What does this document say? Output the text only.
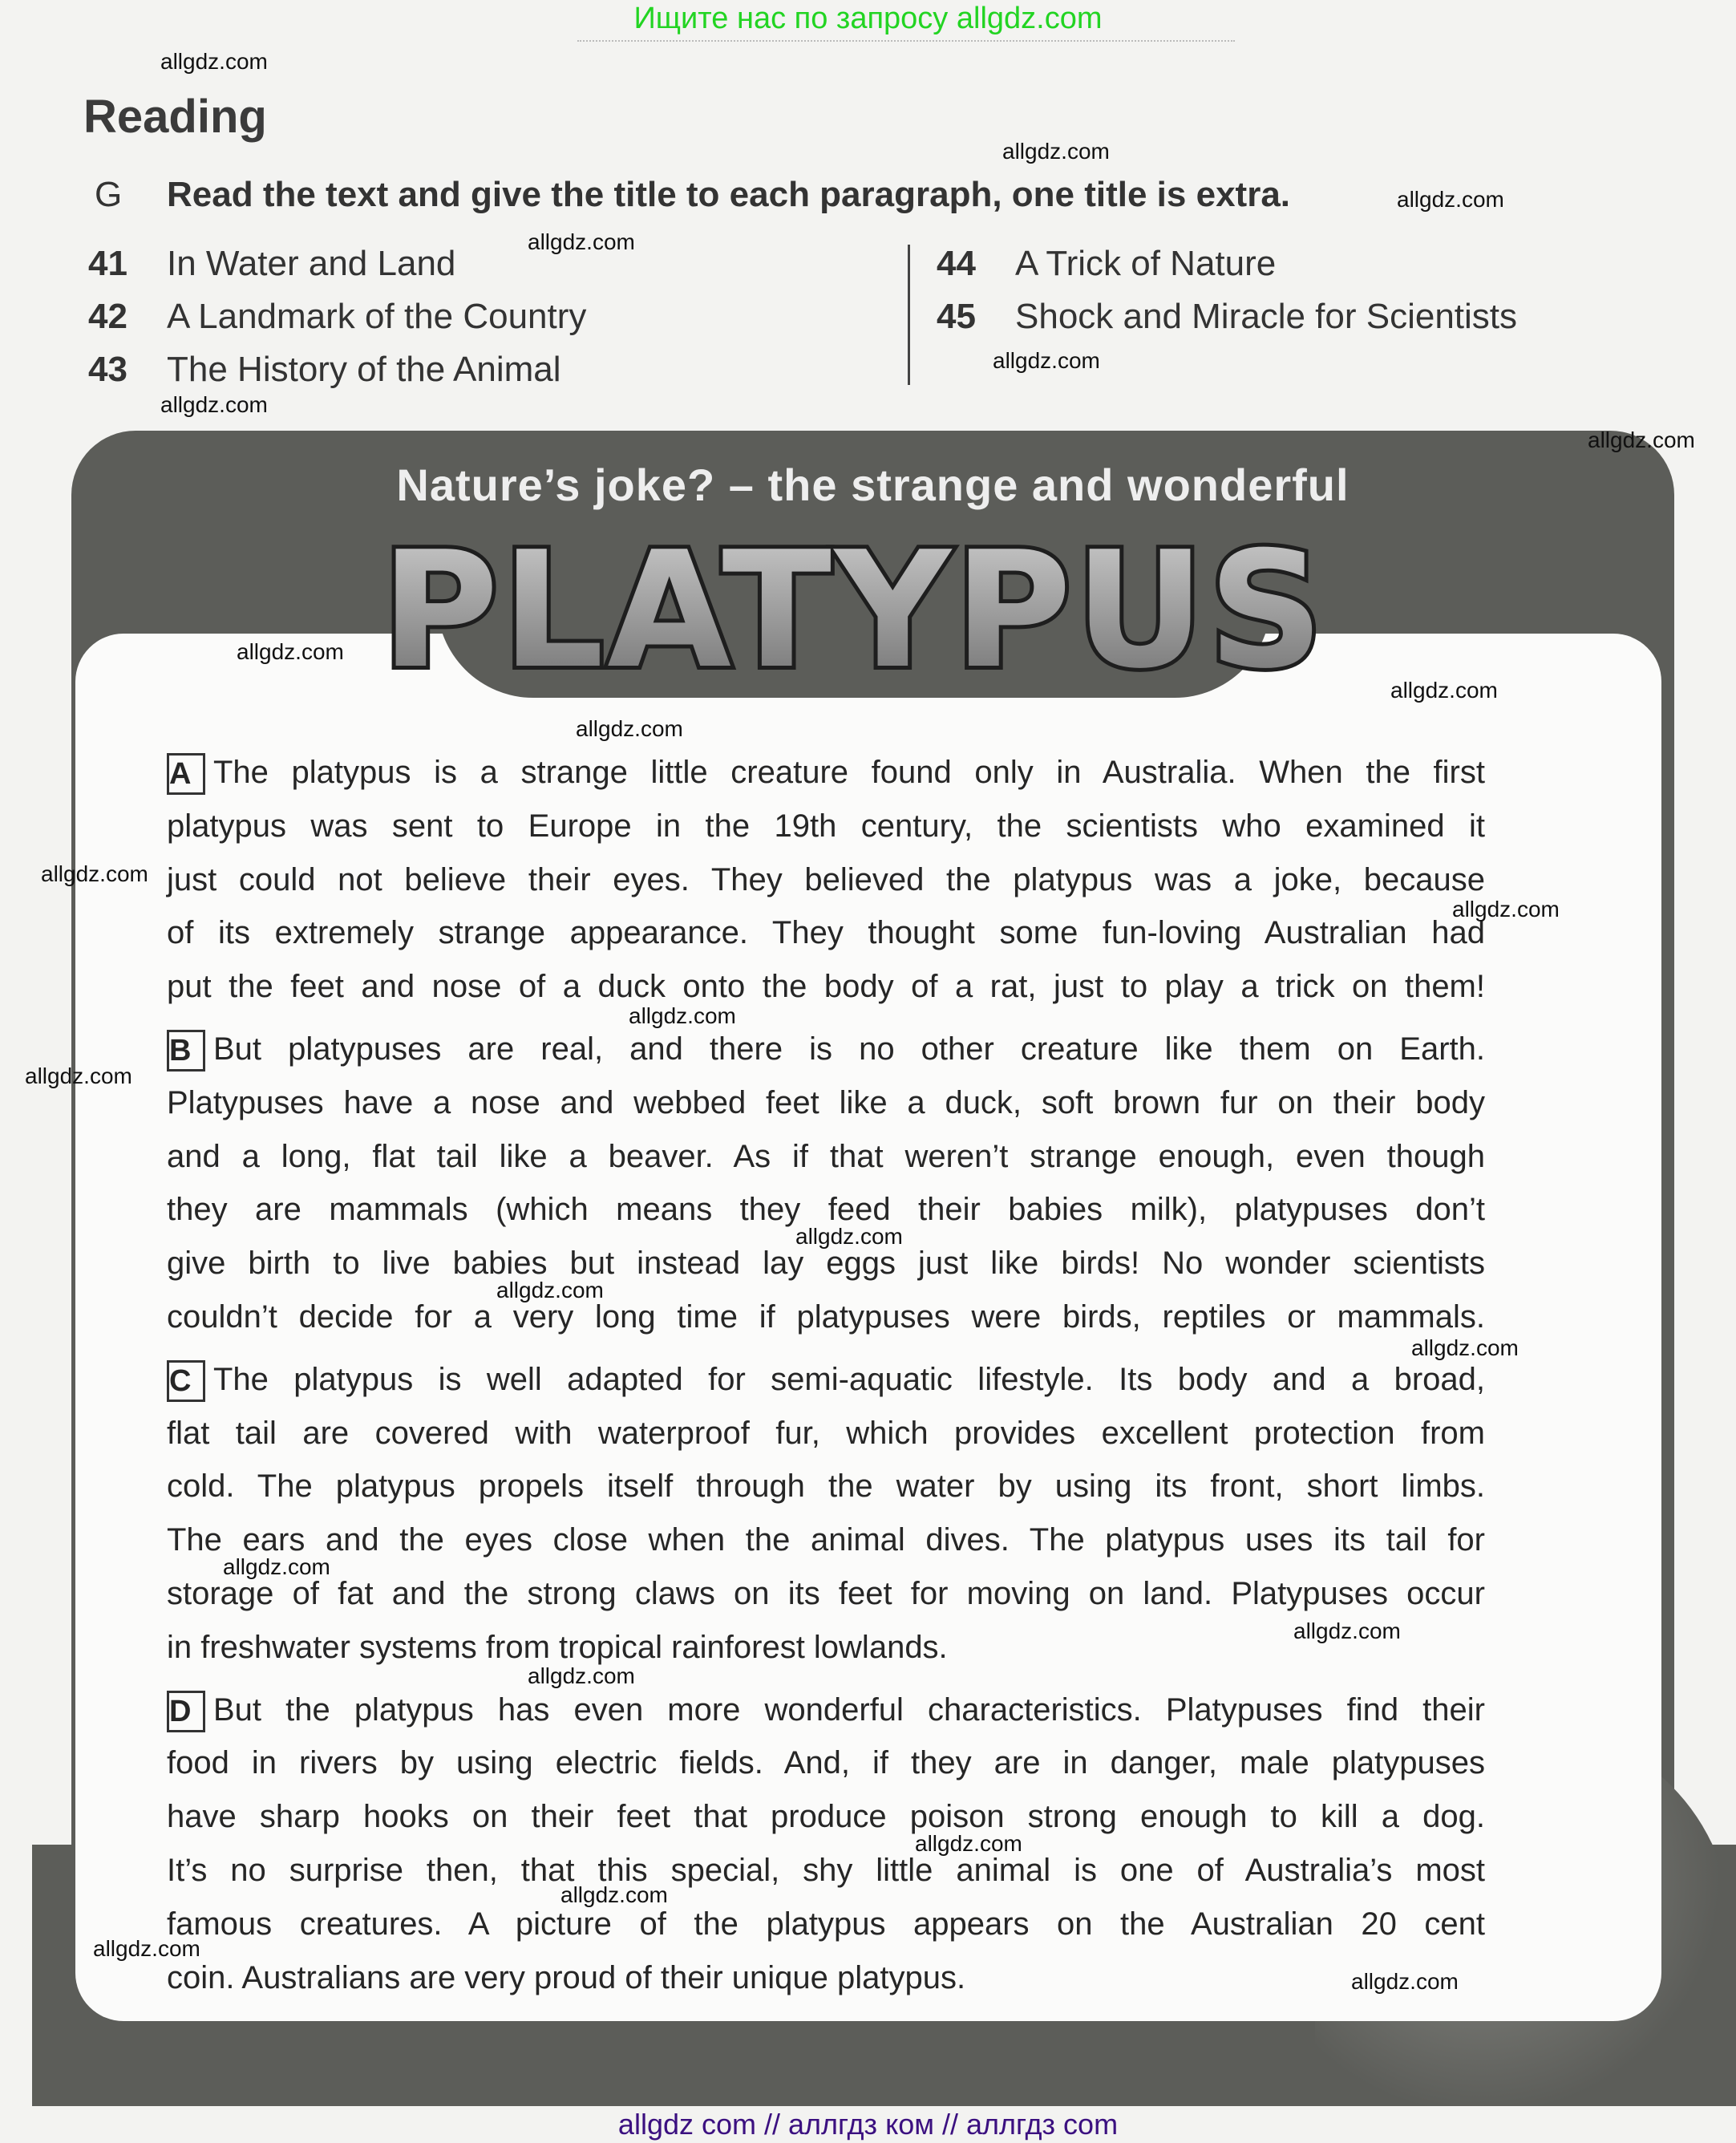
Ищите нас по запросу allgdz.com
Reading
G Read the text and give the title to each paragraph, one title is extra.
41 In Water and Land
42 A Landmark of the Country
43 The History of the Animal
44 A Trick of Nature
45 Shock and Miracle for Scientists
Nature’s joke? – the strange and wonderful
PLATYPUS
A The platypus is a strange little creature found only in Australia. When the first
platypus was sent to Europe in the 19th century, the scientists who examined it
just could not believe their eyes. They believed the platypus was a joke, because
of its extremely strange appearance. They thought some fun-loving Australian had
put the feet and nose of a duck onto the body of a rat, just to play a trick on them!
B But platypuses are real, and there is no other creature like them on Earth.
Platypuses have a nose and webbed feet like a duck, soft brown fur on their body
and a long, flat tail like a beaver. As if that weren’t strange enough, even though
they are mammals (which means they feed their babies milk), platypuses don’t
give birth to live babies but instead lay eggs just like birds! No wonder scientists
couldn’t decide for a very long time if platypuses were birds, reptiles or mammals.
C The platypus is well adapted for semi-aquatic lifestyle. Its body and a broad,
flat tail are covered with waterproof fur, which provides excellent protection from
cold. The platypus propels itself through the water by using its front, short limbs.
The ears and the eyes close when the animal dives. The platypus uses its tail for
storage of fat and the strong claws on its feet for moving on land. Platypuses occur
in freshwater systems from tropical rainforest lowlands.
D But the platypus has even more wonderful characteristics. Platypuses find their
food in rivers by using electric fields. And, if they are in danger, male platypuses
have sharp hooks on their feet that produce poison strong enough to kill a dog.
It’s no surprise then, that this special, shy little animal is one of Australia’s most
famous creatures. A picture of the platypus appears on the Australian 20 cent
coin. Australians are very proud of their unique platypus.
allgdz.com
allgdz.com
allgdz.com
allgdz.com
allgdz.com
allgdz.com
allgdz.com
allgdz.com
allgdz.com
allgdz.com
allgdz.com
allgdz.com
allgdz.com
allgdz.com
allgdz.com
allgdz.com
allgdz.com
allgdz.com
allgdz.com
allgdz.com
allgdz.com
allgdz.com
allgdz.com
allgdz.com
allgdz com // аллгдз ком // аллгдз com
